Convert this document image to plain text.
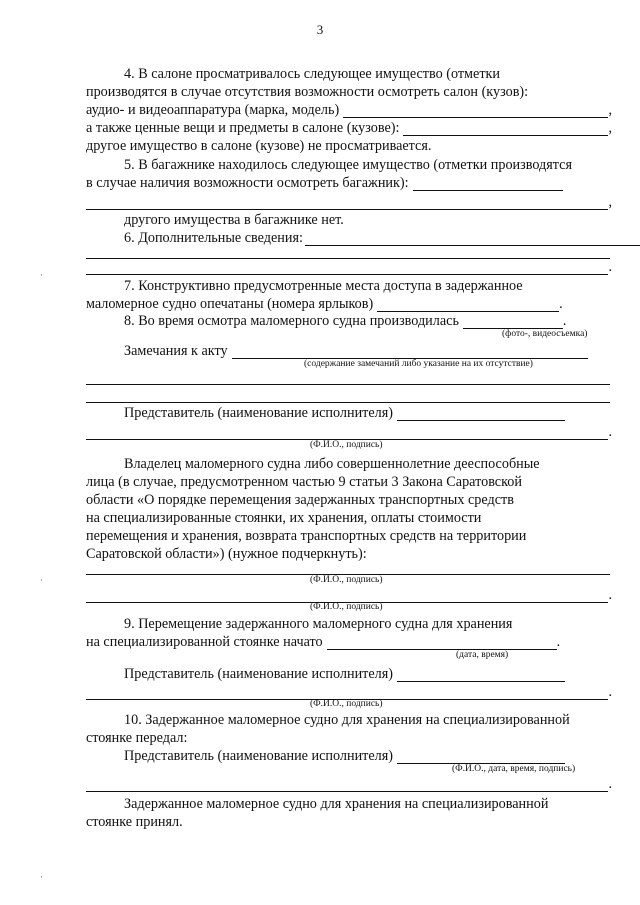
3
4. В салоне просматривалось следующее имущество (отметки
производятся в случае отсутствия возможности осмотреть салон (кузов):
аудио- и видеоаппаратура (марка, модель)	,
а также ценные вещи и предметы в салоне (кузове):	,
другое имущество в салоне (кузове) не просматривается.
5. В багажнике находилось следующее имущество (отметки производятся
в случае наличия возможности осмотреть багажник):
,
другого имущества в багажнике нет.
6. Дополнительные сведения:
.
7. Конструктивно предусмотренные места доступа в задержанное
маломерное судно опечатаны (номера ярлыков)	.
8. Во время осмотра маломерного судна производилась	.
(фото-, видеосъемка)
Замечания к акту
(содержание замечаний либо указание на их отсутствие)
Представитель (наименование исполнителя)
.
(Ф.И.О., подпись)
Владелец маломерного судна либо совершеннолетние дееспособные
лица (в случае, предусмотренном частью 9 статьи 3 Закона Саратовской
области «О порядке перемещения задержанных транспортных средств
на специализированные стоянки, их хранения, оплаты стоимости
перемещения и хранения, возврата транспортных средств на территории
Саратовской области») (нужное подчеркнуть):
(Ф.И.О., подпись)
.
(Ф.И.О., подпись)
9. Перемещение задержанного маломерного судна для хранения
на специализированной стоянке начато	.
(дата, время)
Представитель (наименование исполнителя)
.
(Ф.И.О., подпись)
10. Задержанное маломерное судно для хранения на специализированной
стоянке передал:
Представитель (наименование исполнителя)
(Ф.И.О., дата, время, подпись)
.
Задержанное маломерное судно для хранения на специализированной
стоянке принял.
·
·
·
